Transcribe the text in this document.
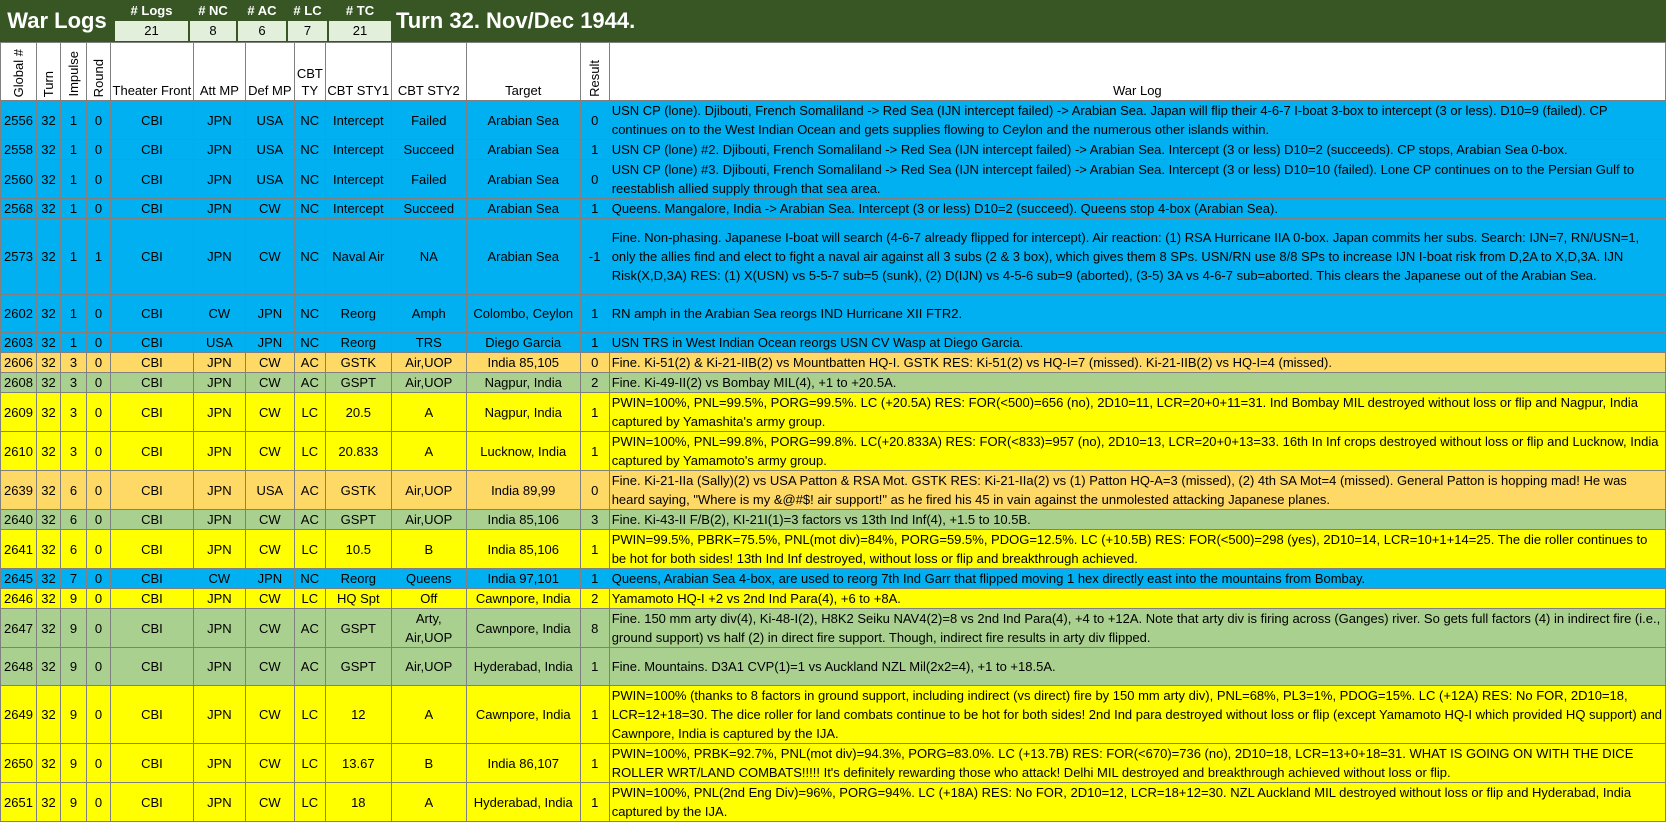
War Logs	# Logs
21
# NC
8
# AC
6
# LC
7
# TC
21	Turn 32. Nov/Dec 1944.
Global #	Turn	Impulse	Round	Theater Front	Att MP	Def MP	CBT TY	CBT STY1	CBT STY2	Target	Result	War Log
2556	32	1	0	CBI	JPN	USA	NC	Intercept	Failed	Arabian Sea	0	USN CP (lone). Djibouti, French Somaliland -> Red Sea (IJN intercept failed) -> Arabian Sea. Japan will flip their 4-6-7 I-boat 3-box to intercept (3 or less). D10=9 (failed). CP continues on to the West Indian Ocean and gets supplies flowing to Ceylon and the numerous other islands within.
2558	32	1	0	CBI	JPN	USA	NC	Intercept	Succeed	Arabian Sea	1	USN CP (lone) #2. Djibouti, French Somaliland -> Red Sea (IJN intercept failed) -> Arabian Sea. Intercept (3 or less) D10=2 (succeeds). CP stops, Arabian Sea 0-box.
2560	32	1	0	CBI	JPN	USA	NC	Intercept	Failed	Arabian Sea	0	USN CP (lone) #3. Djibouti, French Somaliland -> Red Sea (IJN intercept failed) -> Arabian Sea. Intercept (3 or less) D10=10 (failed). Lone CP continues on to the Persian Gulf to reestablish allied supply through that sea area.
2568	32	1	0	CBI	JPN	CW	NC	Intercept	Succeed	Arabian Sea	1	Queens. Mangalore, India -> Arabian Sea. Intercept (3 or less) D10=2 (succeed). Queens stop 4-box (Arabian Sea).
2573	32	1	1	CBI	JPN	CW	NC	Naval Air	NA	Arabian Sea	-1	Fine. Non-phasing. Japanese I-boat will search (4-6-7 already flipped for intercept). Air reaction: (1) RSA Hurricane IIA 0-box. Japan commits her subs. Search: IJN=7, RN/USN=1, only the allies find and elect to fight a naval air against all 3 subs (2 & 3 box), which gives them 8 SPs. USN/RN use 8/8 SPs to increase IJN I-boat risk from D,2A to X,D,3A. IJN Risk(X,D,3A) RES: (1) X(USN) vs 5-5-7 sub=5 (sunk), (2) D(IJN) vs 4-5-6 sub=9 (aborted), (3-5) 3A vs 4-6-7 sub=aborted. This clears the Japanese out of the Arabian Sea.
2602	32	1	0	CBI	CW	JPN	NC	Reorg	Amph	Colombo, Ceylon	1	RN amph in the Arabian Sea reorgs IND Hurricane XII FTR2.
2603	32	1	0	CBI	USA	JPN	NC	Reorg	TRS	Diego Garcia	1	USN TRS in West Indian Ocean reorgs USN CV Wasp at Diego Garcia.
2606	32	3	0	CBI	JPN	CW	AC	GSTK	Air,UOP	India 85,105	0	Fine. Ki-51(2) & Ki-21-IIB(2) vs Mountbatten HQ-I. GSTK RES: Ki-51(2) vs HQ-I=7 (missed). Ki-21-IIB(2) vs HQ-I=4 (missed).
2608	32	3	0	CBI	JPN	CW	AC	GSPT	Air,UOP	Nagpur, India	2	Fine. Ki-49-II(2) vs Bombay MIL(4), +1 to +20.5A.
2609	32	3	0	CBI	JPN	CW	LC	20.5	A	Nagpur, India	1	PWIN=100%, PNL=99.5%, PORG=99.5%. LC (+20.5A) RES: FOR(<500)=656 (no), 2D10=11, LCR=20+0+11=31. Ind Bombay MIL destroyed without loss or flip and Nagpur, India captured by Yamashita's army group.
2610	32	3	0	CBI	JPN	CW	LC	20.833	A	Lucknow, India	1	PWIN=100%, PNL=99.8%, PORG=99.8%. LC(+20.833A) RES: FOR(<833)=957 (no), 2D10=13, LCR=20+0+13=33. 16th In Inf crops destroyed without loss or flip and Lucknow, India captured by Yamamoto's army group.
2639	32	6	0	CBI	JPN	USA	AC	GSTK	Air,UOP	India 89,99	0	Fine. Ki-21-IIa (Sally)(2) vs USA Patton & RSA Mot. GSTK RES: Ki-21-IIa(2) vs (1) Patton HQ-A=3 (missed), (2) 4th SA Mot=4 (missed). General Patton is hopping mad! He was heard saying, "Where is my &@#$! air support!" as he fired his 45 in vain against the unmolested attacking Japanese planes.
2640	32	6	0	CBI	JPN	CW	AC	GSPT	Air,UOP	India 85,106	3	Fine. Ki-43-II F/B(2), KI-21I(1)=3 factors vs 13th Ind Inf(4), +1.5 to 10.5B.
2641	32	6	0	CBI	JPN	CW	LC	10.5	B	India 85,106	1	PWIN=99.5%, PBRK=75.5%, PNL(mot div)=84%, PORG=59.5%, PDOG=12.5%. LC (+10.5B) RES: FOR(<500)=298 (yes), 2D10=14, LCR=10+1+14=25. The die roller continues to be hot for both sides! 13th Ind Inf destroyed, without loss or flip and breakthrough achieved.
2645	32	7	0	CBI	CW	JPN	NC	Reorg	Queens	India 97,101	1	Queens, Arabian Sea 4-box, are used to reorg 7th Ind Garr that flipped moving 1 hex directly east into the mountains from Bombay.
2646	32	9	0	CBI	JPN	CW	LC	HQ Spt	Off	Cawnpore, India	2	Yamamoto HQ-I +2 vs 2nd Ind Para(4), +6 to +8A.
2647	32	9	0	CBI	JPN	CW	AC	GSPT	Arty, Air,UOP	Cawnpore, India	8	Fine. 150 mm arty div(4), Ki-48-I(2), H8K2 Seiku NAV4(2)=8 vs 2nd Ind Para(4), +4 to +12A. Note that arty div is firing across (Ganges) river. So gets full factors (4) in indirect fire (i.e., ground support) vs half (2) in direct fire support. Though, indirect fire results in arty div flipped.
2648	32	9	0	CBI	JPN	CW	AC	GSPT	Air,UOP	Hyderabad, India	1	Fine. Mountains. D3A1 CVP(1)=1 vs Auckland NZL Mil(2x2=4), +1 to +18.5A.
2649	32	9	0	CBI	JPN	CW	LC	12	A	Cawnpore, India	1	PWIN=100% (thanks to 8 factors in ground support, including indirect (vs direct) fire by 150 mm arty div), PNL=68%, PL3=1%, PDOG=15%. LC (+12A) RES: No FOR, 2D10=18, LCR=12+18=30. The dice roller for land combats continue to be hot for both sides! 2nd Ind para destroyed without loss or flip (except Yamamoto HQ-I which provided HQ support) and Cawnpore, India is captured by the IJA.
2650	32	9	0	CBI	JPN	CW	LC	13.67	B	India 86,107	1	PWIN=100%, PRBK=92.7%, PNL(mot div)=94.3%, PORG=83.0%. LC (+13.7B) RES: FOR(<670)=736 (no), 2D10=18, LCR=13+0+18=31. WHAT IS GOING ON WITH THE DICE ROLLER WRT/LAND COMBATS!!!!! It's definitely rewarding those who attack! Delhi MIL destroyed and breakthrough achieved without loss or flip.
2651	32	9	0	CBI	JPN	CW	LC	18	A	Hyderabad, India	1	PWIN=100%, PNL(2nd Eng Div)=96%, PORG=94%. LC (+18A) RES: No FOR, 2D10=12, LCR=18+12=30. NZL Auckland MIL destroyed without loss or flip and Hyderabad, India captured by the IJA.
